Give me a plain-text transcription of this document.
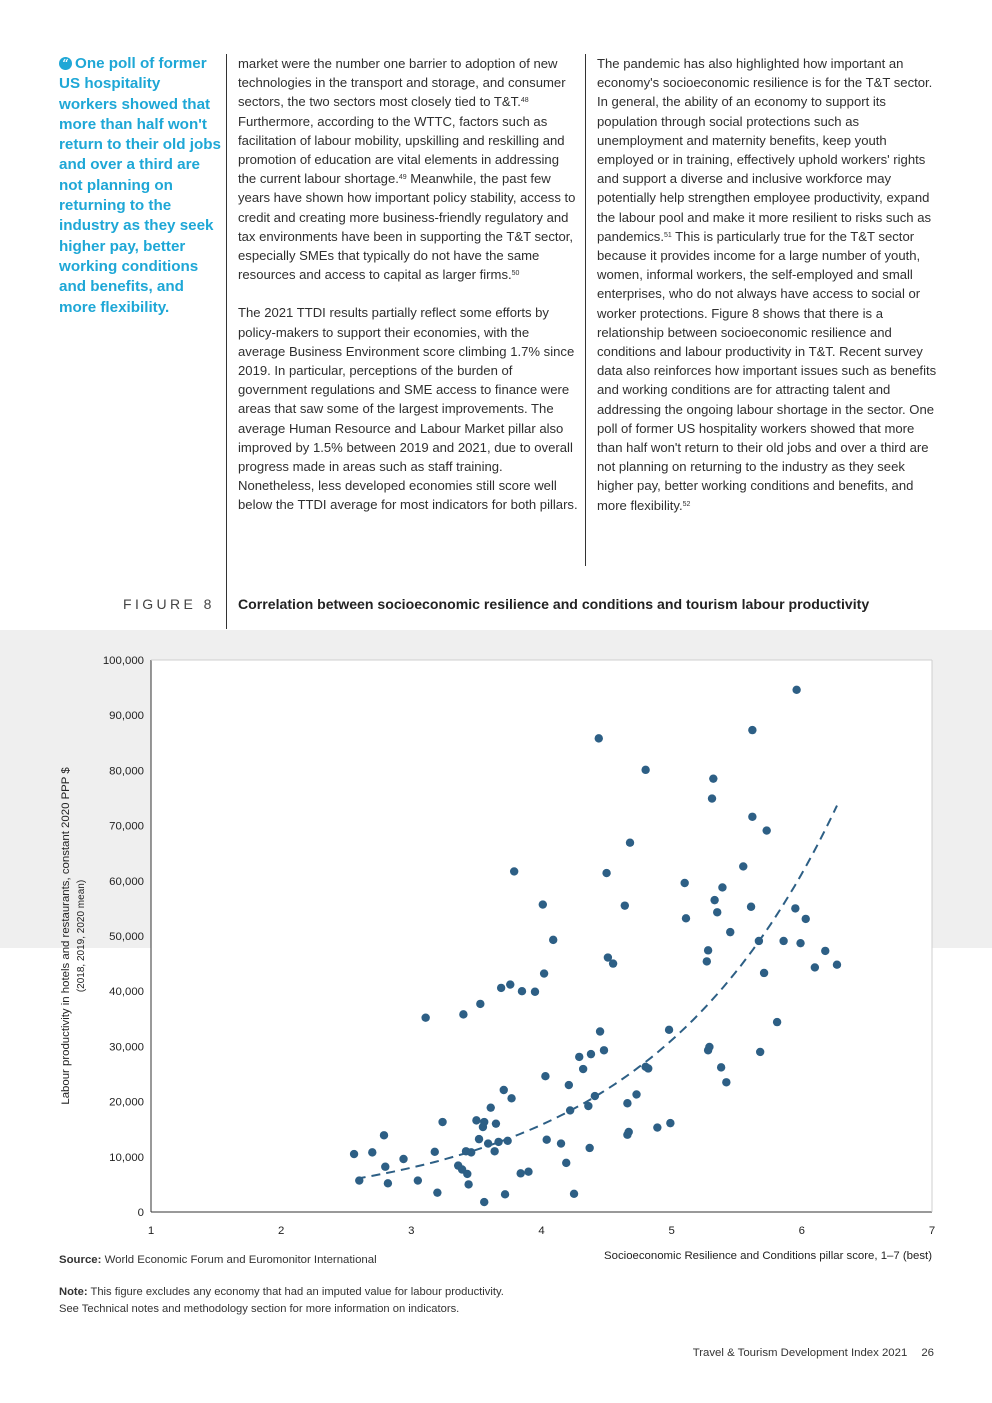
“ One poll of former US hospitality workers showed that more than half won't return to their old jobs and over a third are not planning on returning to the industry as they seek higher pay, better working conditions and benefits, and more flexibility.

market were the number one barrier to adoption of new technologies in the transport and storage, and consumer sectors, the two sectors most closely tied to T&T.$^{48}$ Furthermore, according to the WTTC, factors such as facilitation of labour mobility, upskilling and reskilling and promotion of education are vital elements in addressing the current labour shortage.$^{49}$ Meanwhile, the past few years have shown how important policy stability, access to credit and creating more business-friendly regulatory and tax environments have been in supporting the T&T sector, especially SMEs that typically do not have the same resources and access to capital as larger firms.$^{50}$

The 2021 TTDI results partially reflect some efforts by policy-makers to support their economies, with the average Business Environment score climbing 1.7% since 2019. In particular, perceptions of the burden of government regulations and SME access to finance were areas that saw some of the largest improvements. The average Human Resource and Labour Market pillar also improved by 1.5% between 2019 and 2021, due to overall progress made in areas such as staff training. Nonetheless, less developed economies still score well below the TTDI average for most indicators for both pillars.

The pandemic has also highlighted how important an economy's socioeconomic resilience is for the T&T sector. In general, the ability of an economy to support its population through social protections such as unemployment and maternity benefits, keep youth employed or in training, effectively uphold workers' rights and support a diverse and inclusive workforce may potentially help strengthen employee productivity, expand the labour pool and make it more resilient to risks such as pandemics.$^{51}$ This is particularly true for the T&T sector because it provides income for a large number of youth, women, informal workers, the self-employed and small enterprises, who do not always have access to social or worker protections. Figure 8 shows that there is a relationship between socioeconomic resilience and conditions and labour productivity in T&T. Recent survey data also reinforces how important issues such as benefits and working conditions are for attracting talent and addressing the ongoing labour shortage in the sector. One poll of former US hospitality workers showed that more than half won't return to their old jobs and over a third are not planning on returning to the industry as they seek higher pay, better working conditions and benefits, and more flexibility.$^{52}$

FIGURE 8 Correlation between socioeconomic resilience and conditions and tourism labour productivity
0
10,000
20,000
30,000
40,000
50,000
60,000
70,000
80,000
90,000
100,000
1	2	3	4	5	6	7
Labour productivity in hotels and restaurants, constant 2020 PPP $ (2018, 2019, 2020 mean)
Socioeconomic Resilience and Conditions pillar score, 1–7 (best)
Source: World Economic Forum and Euromonitor International
Note: This figure excludes any economy that had an imputed value for labour productivity.
See Technical notes and methodology section for more information on indicators.
Travel & Tourism Development Index 2021 26
